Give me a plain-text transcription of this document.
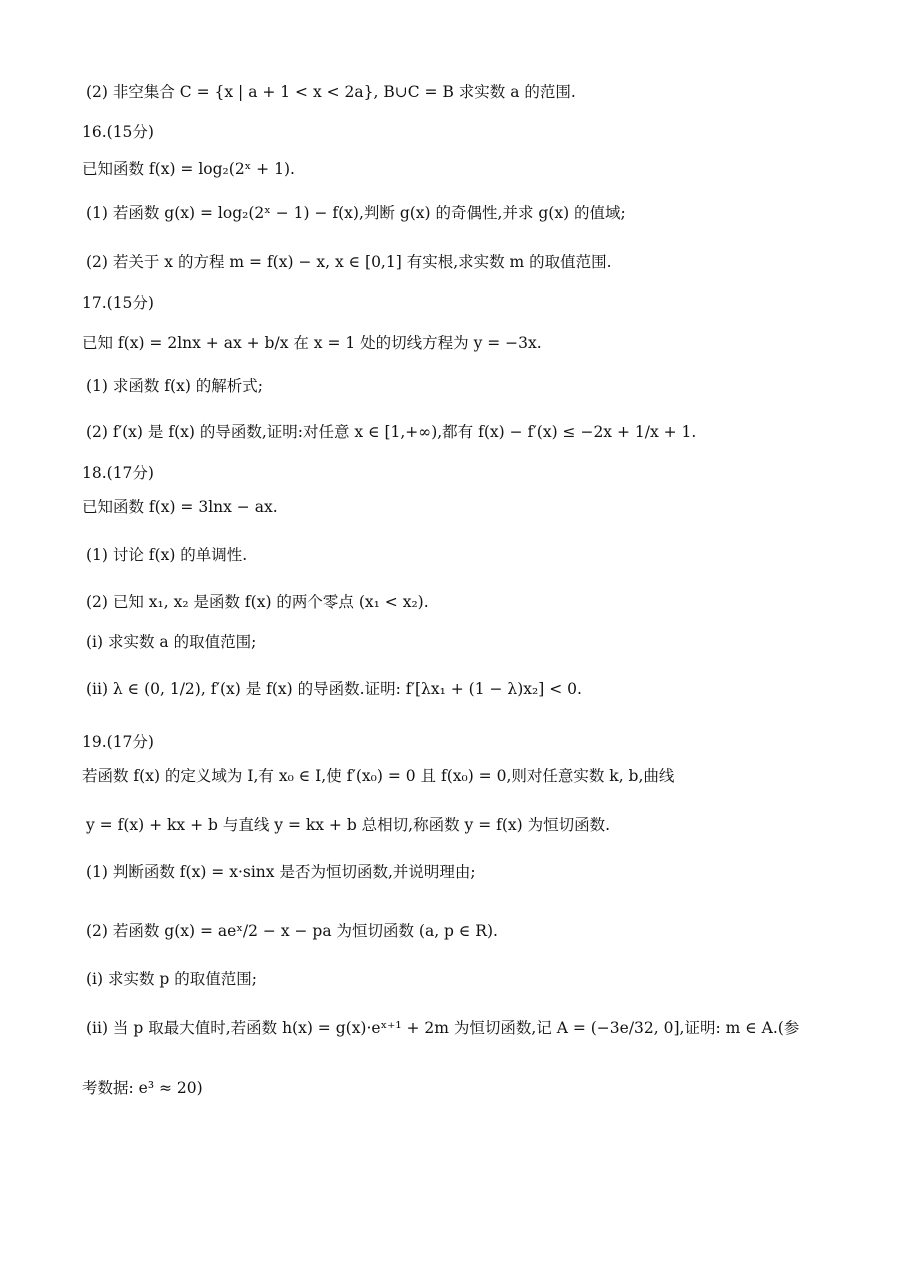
(2) 非空集合 C = {x | a + 1 < x < 2a}, B∪C = B 求实数 a 的范围.
16.(15分)
已知函数 f(x) = log₂(2ˣ + 1).
(1) 若函数 g(x) = log₂(2ˣ − 1) − f(x),判断 g(x) 的奇偶性,并求 g(x) 的值域;
(2) 若关于 x 的方程 m = f(x) − x, x ∈ [0,1] 有实根,求实数 m 的取值范围.
17.(15分)
已知 f(x) = 2lnx + ax + b/x 在 x = 1 处的切线方程为 y = −3x.
(1) 求函数 f(x) 的解析式;
(2) f′(x) 是 f(x) 的导函数,证明:对任意 x ∈ [1,+∞),都有 f(x) − f′(x) ≤ −2x + 1/x + 1.
18.(17分)
已知函数 f(x) = 3lnx − ax.
(1) 讨论 f(x) 的单调性.
(2) 已知 x₁, x₂ 是函数 f(x) 的两个零点 (x₁ < x₂).
(i) 求实数 a 的取值范围;
(ii) λ ∈ (0, 1/2), f′(x) 是 f(x) 的导函数.证明: f′[λx₁ + (1 − λ)x₂] < 0.
19.(17分)
若函数 f(x) 的定义域为 I,有 x₀ ∈ I,使 f′(x₀) = 0 且 f(x₀) = 0,则对任意实数 k, b,曲线
y = f(x) + kx + b 与直线 y = kx + b 总相切,称函数 y = f(x) 为恒切函数.
(1) 判断函数 f(x) = x·sinx 是否为恒切函数,并说明理由;
(2) 若函数 g(x) = aeˣ/2 − x − pa 为恒切函数 (a, p ∈ R).
(i) 求实数 p 的取值范围;
(ii) 当 p 取最大值时,若函数 h(x) = g(x)·eˣ⁺¹ + 2m 为恒切函数,记 A = (−3e/32, 0],证明: m ∈ A.(参
考数据: e³ ≈ 20)
